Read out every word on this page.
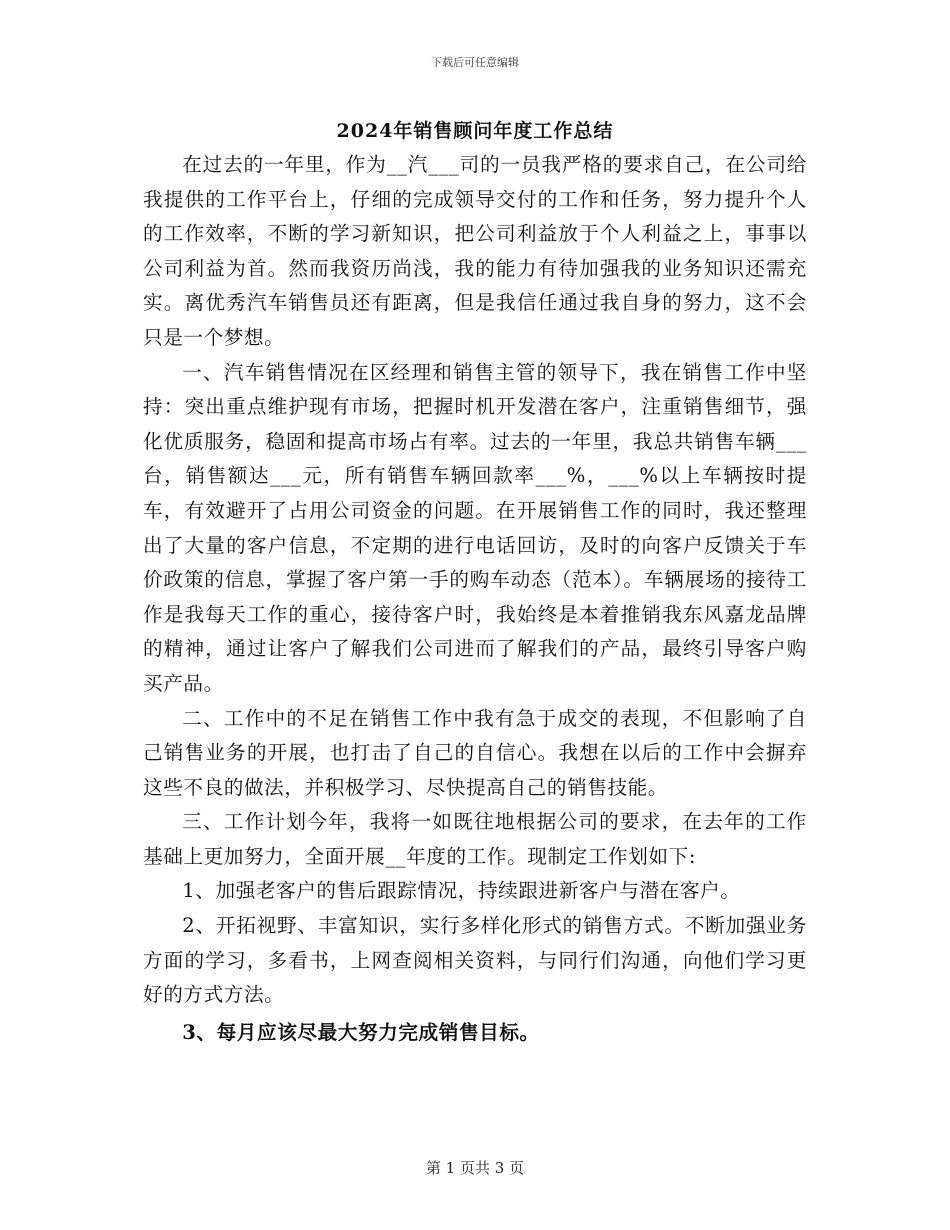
下载后可任意编辑
2024年销售顾问年度工作总结

在过去的一年里，作为__汽___司的一员我严格的要求自己，在公司给我提供的工作平台上，仔细的完成领导交付的工作和任务，努力提升个人的工作效率，不断的学习新知识，把公司利益放于个人利益之上，事事以公司利益为首。然而我资历尚浅，我的能力有待加强我的业务知识还需充实。离优秀汽车销售员还有距离，但是我信任通过我自身的努力，这不会只是一个梦想。

一、汽车销售情况在区经理和销售主管的领导下，我在销售工作中坚持：突出重点维护现有市场，把握时机开发潜在客户，注重销售细节，强化优质服务，稳固和提高市场占有率。过去的一年里，我总共销售车辆___台，销售额达___元，所有销售车辆回款率___%，___%以上车辆按时提车，有效避开了占用公司资金的问题。在开展销售工作的同时，我还整理出了大量的客户信息，不定期的进行电话回访，及时的向客户反馈关于车价政策的信息，掌握了客户第一手的购车动态（范本）。车辆展场的接待工作是我每天工作的重心，接待客户时，我始终是本着推销我东风嘉龙品牌的精神，通过让客户了解我们公司进而了解我们的产品，最终引导客户购买产品。

二、工作中的不足在销售工作中我有急于成交的表现，不但影响了自己销售业务的开展，也打击了自己的自信心。我想在以后的工作中会摒弃这些不良的做法，并积极学习、尽快提高自己的销售技能。

三、工作计划今年，我将一如既往地根据公司的要求，在去年的工作基础上更加努力，全面开展__年度的工作。现制定工作划如下:

1、加强老客户的售后跟踪情况，持续跟进新客户与潜在客户。

2、开拓视野、丰富知识，实行多样化形式的销售方式。不断加强业务方面的学习，多看书，上网查阅相关资料，与同行们沟通，向他们学习更好的方式方法。

3、每月应该尽最大努力完成销售目标。

第 1 页共 3 页
